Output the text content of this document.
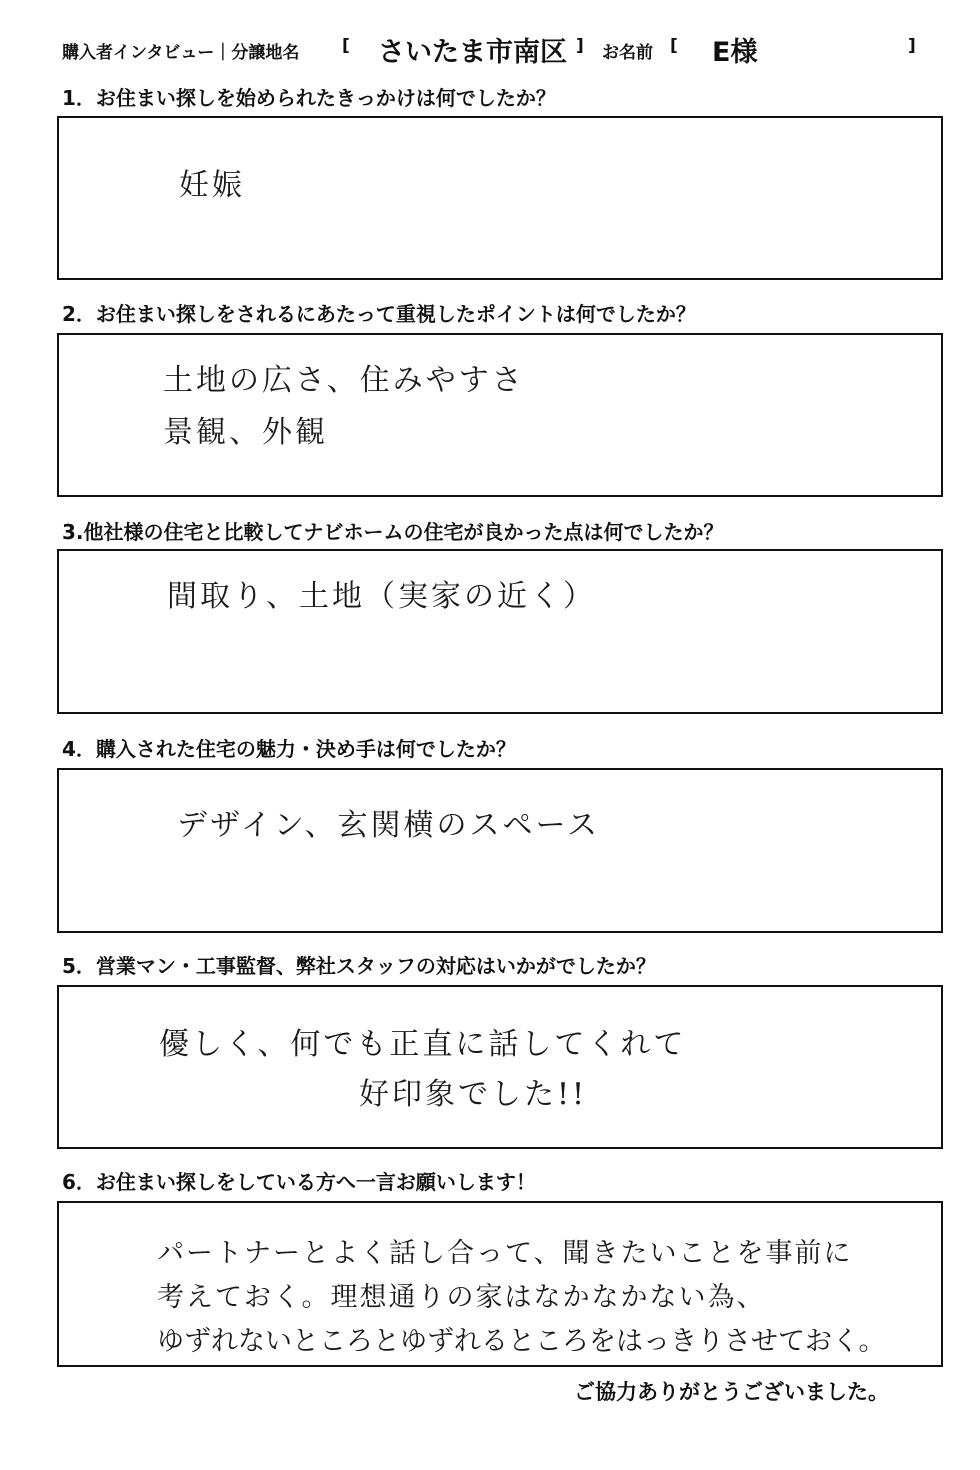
購入者インタビュー｜分譲地名	[ さいたま市南区 ] お名前 [ E様	]
1．お住まい探しを始められたきっかけは何でしたか？
妊娠
2．お住まい探しをされるにあたって重視したポイントは何でしたか？
土地の広さ、住みやすさ
景観、外観
3.他社様の住宅と比較してナビホームの住宅が良かった点は何でしたか？
間取り、土地（実家の近く）
4．購入された住宅の魅力・決め手は何でしたか？
デザイン、玄関横のスペース
5．営業マン・工事監督、弊社スタッフの対応はいかがでしたか？
優しく、何でも正直に話してくれて
好印象でした!!
6．お住まい探しをしている方へ一言お願いします！
パートナーとよく話し合って、聞きたいことを事前に
考えておく。理想通りの家はなかなかない為、
ゆずれないところとゆずれるところをはっきりさせておく。
ご協力ありがとうございました。
